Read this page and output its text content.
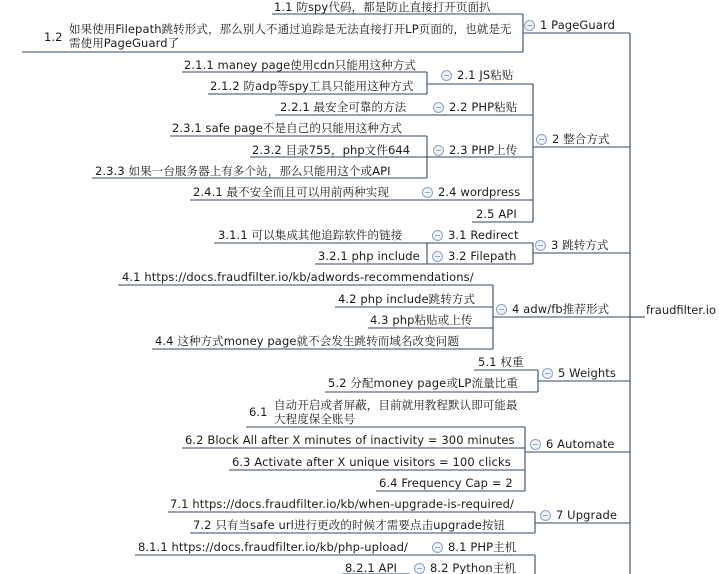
fraudfilter.io
1.1 防spy代码，都是防止直接打开页面扒
1.2
如果使用Filepath跳转形式，那么别人不通过追踪是无法直接打开LP页面的，也就是无需使用PageGuard了
− 1 PageGuard
2.1.1 maney page使用cdn只能用这种方式
2.1.2 防adp等spy工具只能用这种方式
− 2.1 JS粘贴
2.2.1 最安全可靠的方法	− 2.2 PHP粘贴
2.3.1 safe page不是自己的只能用这种方式
2.3.2 目录755，php文件644
2.3.3 如果一台服务器上有多个站，那么只能用这个或API
− 2.3 PHP上传
− 2 整合方式
2.4.1 最不安全而且可以用前两种实现	− 2.4 wordpress
2.5 API
3.1.1 可以集成其他追踪软件的链接	− 3.1 Redirect
− 3 跳转方式
3.2.1 php include − 3.2 Filepath
4.1 https://docs.fraudfilter.io/kb/adwords-recommendations/
4.2 php include跳转方式
− 4 adw/fb推荐形式
4.3 php粘贴或上传
4.4 这种方式money page就不会发生跳转而域名改变问题
5.1 权重
− 5 Weights
5.2 分配money page或LP流量比重
6.1 自动开启或者屏蔽，目前就用教程默认即可能最大程度保全账号
6.2 Block All after X minutes of inactivity = 300 minutes − 6 Automate
6.3 Activate after X unique visitors = 100 clicks
6.4 Frequency Cap = 2
7.1 https://docs.fraudfilter.io/kb/when-upgrade-is-required/
− 7 Upgrade
7.2 只有当safe url进行更改的时候才需要点击upgrade按钮
8.1.1 https://docs.fraudfilter.io/kb/php-upload/	− 8.1 PHP主机
8.2.1 API − 8.2 Python主机
